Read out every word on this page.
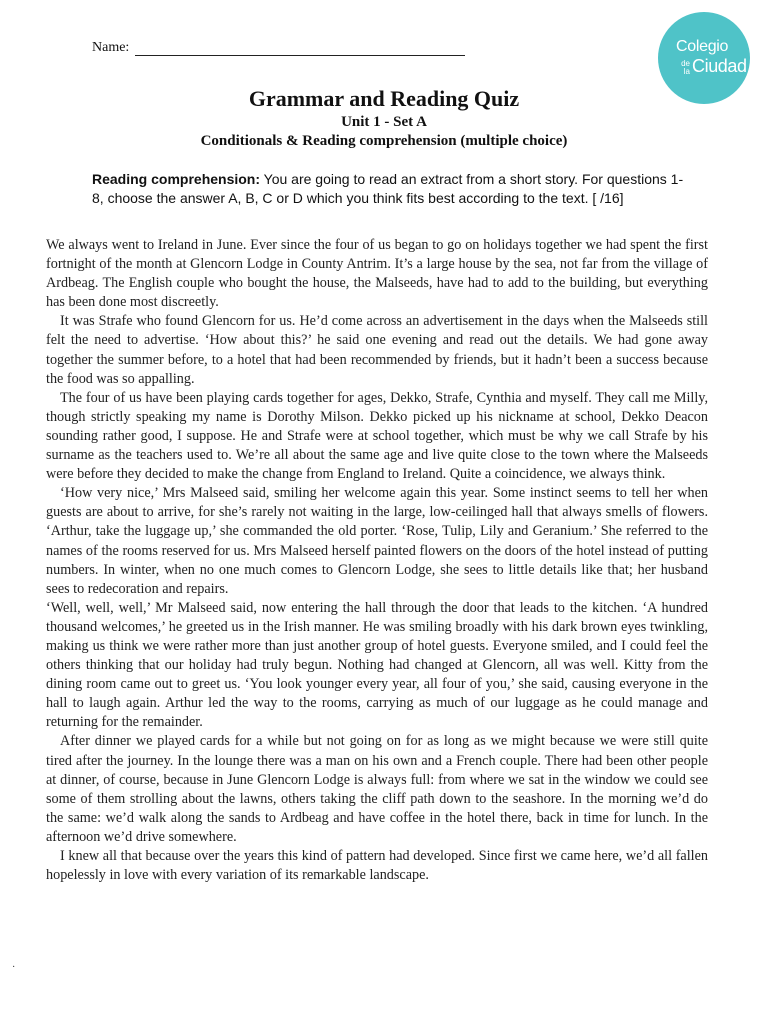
Name:	Colegio
de la Ciudad
Grammar and Reading Quiz
Unit 1 - Set A
Conditionals & Reading comprehension (multiple choice)

Reading comprehension: You are going to read an extract from a short story. For questions 1-8, choose the answer A, B, C or D which you think fits best according to the text. [ /16]

We always went to Ireland in June. Ever since the four of us began to go on holidays together we had spent the first fortnight of the month at Glencorn Lodge in County Antrim. It’s a large house by the sea, not far from the village of Ardbeag. The English couple who bought the house, the Malseeds, have had to add to the building, but everything has been done most discreetly.

It was Strafe who found Glencorn for us. He’d come across an advertisement in the days when the Malseeds still felt the need to advertise. ‘How about this?’ he said one evening and read out the details. We had gone away together the summer before, to a hotel that had been recommended by friends, but it hadn’t been a success because the food was so appalling.

The four of us have been playing cards together for ages, Dekko, Strafe, Cynthia and myself. They call me Milly, though strictly speaking my name is Dorothy Milson. Dekko picked up his nickname at school, Dekko Deacon sounding rather good, I suppose. He and Strafe were at school together, which must be why we call Strafe by his surname as the teachers used to. We’re all about the same age and live quite close to the town where the Malseeds were before they decided to make the change from England to Ireland. Quite a coincidence, we always think.

‘How very nice,’ Mrs Malseed said, smiling her welcome again this year. Some instinct seems to tell her when guests are about to arrive, for she’s rarely not waiting in the large, low-ceilinged hall that always smells of flowers. ‘Arthur, take the luggage up,’ she commanded the old porter. ‘Rose, Tulip, Lily and Geranium.’ She referred to the names of the rooms reserved for us. Mrs Malseed herself painted flowers on the doors of the hotel instead of putting numbers. In winter, when no one much comes to Glencorn Lodge, she sees to little details like that; her husband sees to redecoration and repairs.

‘Well, well, well,’ Mr Malseed said, now entering the hall through the door that leads to the kitchen. ‘A hundred thousand welcomes,’ he greeted us in the Irish manner. He was smiling broadly with his dark brown eyes twinkling, making us think we were rather more than just another group of hotel guests. Everyone smiled, and I could feel the others thinking that our holiday had truly begun. Nothing had changed at Glencorn, all was well. Kitty from the dining room came out to greet us. ‘You look younger every year, all four of you,’ she said, causing everyone in the hall to laugh again. Arthur led the way to the rooms, carrying as much of our luggage as he could manage and returning for the remainder.

After dinner we played cards for a while but not going on for as long as we might because we were still quite tired after the journey. In the lounge there was a man on his own and a French couple. There had been other people at dinner, of course, because in June Glencorn Lodge is always full: from where we sat in the window we could see some of them strolling about the lawns, others taking the cliff path down to the seashore. In the morning we’d do the same: we’d walk along the sands to Ardbeag and have coffee in the hotel there, back in time for lunch. In the afternoon we’d drive somewhere.

I knew all that because over the years this kind of pattern had developed. Since first we came here, we’d all fallen hopelessly in love with every variation of its remarkable landscape.

·
